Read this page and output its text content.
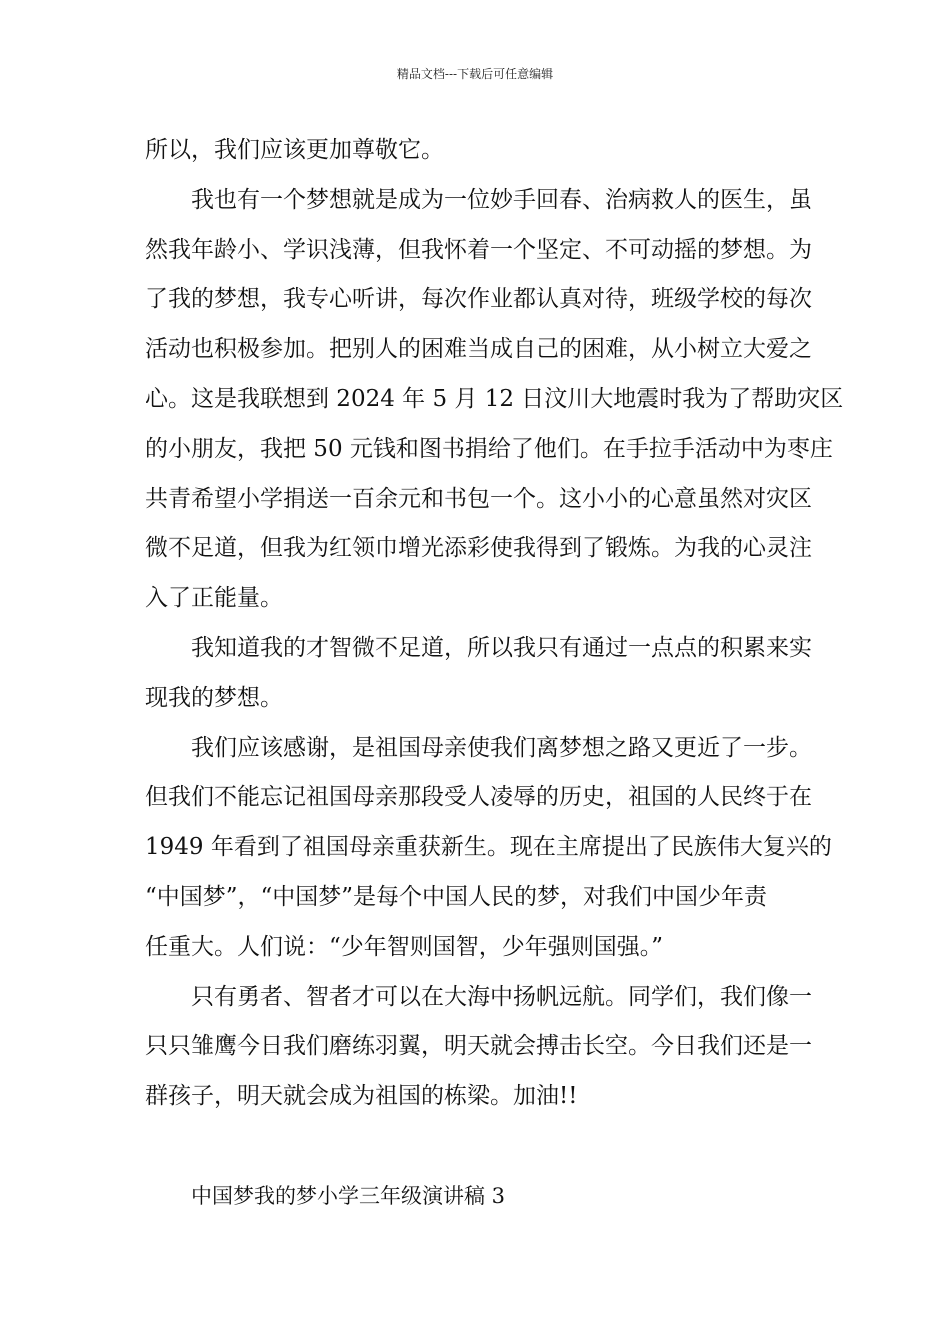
精品文档---下载后可任意编辑
所以，我们应该更加尊敬它。
我也有一个梦想就是成为一位妙手回春、治病救人的医生，虽
然我年龄小、学识浅薄，但我怀着一个坚定、不可动摇的梦想。为
了我的梦想，我专心听讲，每次作业都认真对待，班级学校的每次
活动也积极参加。把别人的困难当成自己的困难，从小树立大爱之
心。这是我联想到 2024 年 5 月 12 日汶川大地震时我为了帮助灾区
的小朋友，我把 50 元钱和图书捐给了他们。在手拉手活动中为枣庄
共青希望小学捐送一百余元和书包一个。这小小的心意虽然对灾区
微不足道，但我为红领巾增光添彩使我得到了锻炼。为我的心灵注
入了正能量。
我知道我的才智微不足道，所以我只有通过一点点的积累来实
现我的梦想。
我们应该感谢，是祖国母亲使我们离梦想之路又更近了一步。
但我们不能忘记祖国母亲那段受人凌辱的历史，祖国的人民终于在
1949 年看到了祖国母亲重获新生。现在主席提出了民族伟大复兴的
“中国梦”，“中国梦”是每个中国人民的梦，对我们中国少年责
任重大。人们说：“少年智则国智，少年强则国强。”
只有勇者、智者才可以在大海中扬帆远航。同学们，我们像一
只只雏鹰今日我们磨练羽翼，明天就会搏击长空。今日我们还是一
群孩子，明天就会成为祖国的栋梁。加油!!
中国梦我的梦小学三年级演讲稿 3
